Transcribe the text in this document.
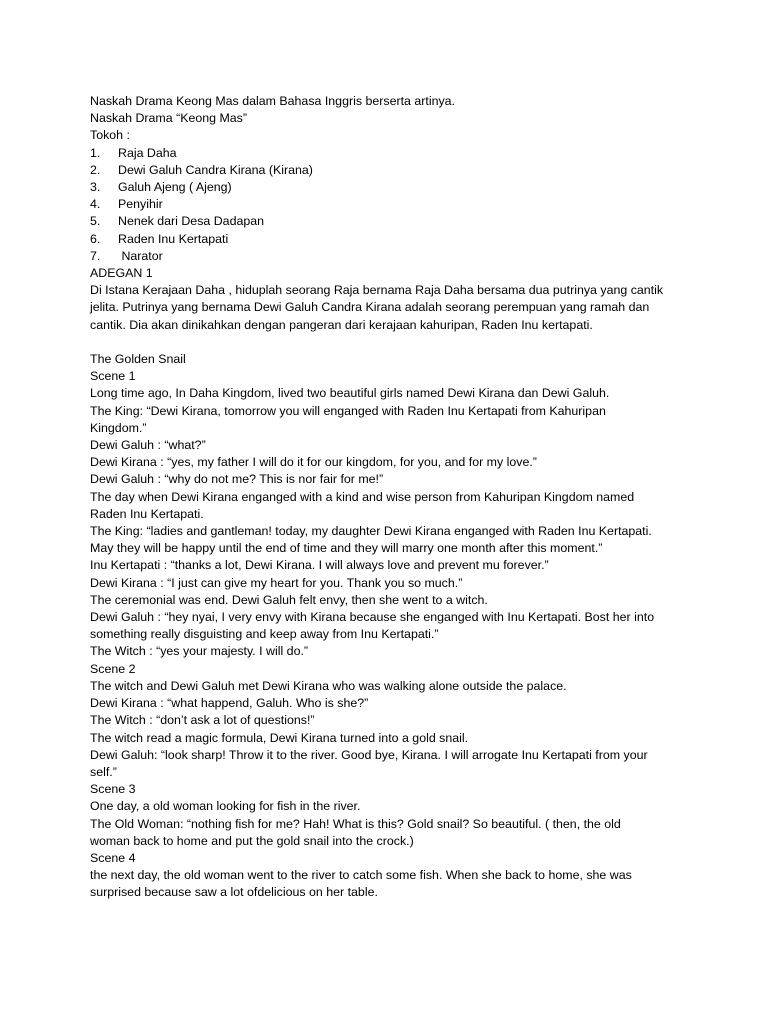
Naskah Drama Keong Mas dalam Bahasa Inggris berserta artinya.
Naskah Drama “Keong Mas”
Tokoh :
1.	Raja Daha
2.	Dewi Galuh Candra Kirana (Kirana)
3.	Galuh Ajeng ( Ajeng)
4.	Penyihir
5.	Nenek dari Desa Dadapan
6.	Raden Inu Kertapati
7.	Narator
ADEGAN 1
Di Istana Kerajaan Daha , hiduplah seorang Raja bernama Raja Daha bersama dua putrinya yang cantik
jelita. Putrinya yang bernama Dewi Galuh Candra Kirana adalah seorang perempuan yang ramah dan
cantik. Dia akan dinikahkan dengan pangeran dari kerajaan kahuripan, Raden Inu kertapati.
The Golden Snail
Scene 1
Long time ago, In Daha Kingdom, lived two beautiful girls named Dewi Kirana dan Dewi Galuh.
The King: “Dewi Kirana, tomorrow you will enganged with Raden Inu Kertapati from Kahuripan
Kingdom.”
Dewi Galuh : “what?”
Dewi Kirana : “yes, my father I will do it for our kingdom, for you, and for my love.”
Dewi Galuh : “why do not me? This is nor fair for me!”
The day when Dewi Kirana enganged with a kind and wise person from Kahuripan Kingdom named
Raden Inu Kertapati.
The King: “ladies and gantleman! today, my daughter Dewi Kirana enganged with Raden Inu Kertapati.
May they will be happy until the end of time and they will marry one month after this moment.”
Inu Kertapati : “thanks a lot, Dewi Kirana. I will always love and prevent mu forever.”
Dewi Kirana : “I just can give my heart for you. Thank you so much.”
The ceremonial was end. Dewi Galuh felt envy, then she went to a witch.
Dewi Galuh : “hey nyai, I very envy with Kirana because she enganged with Inu Kertapati. Bost her into
something really disguisting and keep away from Inu Kertapati.”
The Witch : “yes your majesty. I will do.”
Scene 2
The witch and Dewi Galuh met Dewi Kirana who was walking alone outside the palace.
Dewi Kirana : “what happend, Galuh. Who is she?”
The Witch : “don’t ask a lot of questions!”
The witch read a magic formula, Dewi Kirana turned into a gold snail.
Dewi Galuh: “look sharp! Throw it to the river. Good bye, Kirana. I will arrogate Inu Kertapati from your
self.”
Scene 3
One day, a old woman looking for fish in the river.
The Old Woman: “nothing fish for me? Hah! What is this? Gold snail? So beautiful. ( then, the old
woman back to home and put the gold snail into the crock.)
Scene 4
the next day, the old woman went to the river to catch some fish. When she back to home, she was
surprised because saw a lot ofdelicious on her table.
